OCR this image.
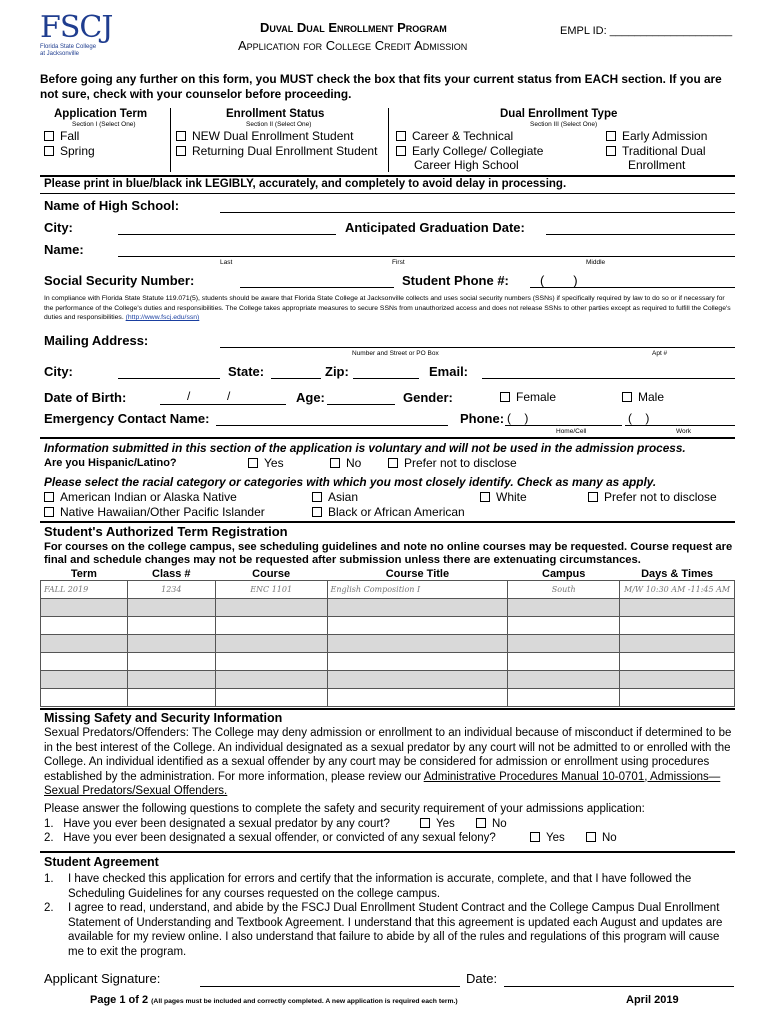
FSCJ
Florida State College
at Jacksonville
Duval Dual Enrollment Program
Application for College Credit Admission
EMPL ID: ____________________
Before going any further on this form, you MUST check the box that fits your current status from EACH section. If you are not sure, check with your counselor before proceeding.
Application Term
Section I (Select One)
Fall
Spring
Enrollment Status
Section II (Select One)
NEW Dual Enrollment Student
Returning Dual Enrollment Student
Dual Enrollment Type
Section III (Select One)
Career & Technical
Early College/ Collegiate
Career High School
Early Admission
Traditional Dual
Enrollment
Please print in blue/black ink LEGIBLY, accurately, and completely to avoid delay in processing.
Name of High School:
City:	Anticipated Graduation Date:
Name:
Last	First	Middle
Social Security Number:	Student Phone #: (        )
In compliance with Florida State Statute 119.071(5), students should be aware that Florida State College at Jacksonville collects and uses social security numbers (SSNs) if specifically required by law to do so or if necessary for the performance of the College's duties and responsibilities. The College takes appropriate measures to secure SSNs from unauthorized access and does not release SSNs to other parties except as required to fulfill the College's duties and responsibilities. (http://www.fscj.edu/ssn)
Mailing Address:
Number and Street or PO Box	Apt #
City:	State:	Zip:	Email:
Date of Birth:	/           /	Age:	Gender:	Female	Male
Emergency Contact Name:	Phone: (    )	(    )
Home/Cell	Work
Information submitted in this section of the application is voluntary and will not be used in the admission process.
Are you Hispanic/Latino?	Yes	No	Prefer not to disclose
Please select the racial category or categories with which you most closely identify. Check as many as apply.
American Indian or Alaska Native	Asian	White	Prefer not to disclose
Native Hawaiian/Other Pacific Islander	Black or African American
Student's Authorized Term Registration
For courses on the college campus, see scheduling guidelines and note no online courses may be requested. Course request are final and schedule changes may not be requested after submission unless there are extenuating circumstances.
Term	Class #	Course	Course Title	Campus	Days & Times
FALL 2019	1234	ENC 1101	English Composition I	South	M/W 10:30 AM -11:45 AM

Missing Safety and Security Information
Sexual Predators/Offenders: The College may deny admission or enrollment to an individual because of misconduct if determined to be in the best interest of the College. An individual designated as a sexual predator by any court will not be admitted to or enrolled with the College. An individual identified as a sexual offender by any court may be considered for admission or enrollment using procedures established by the administration. For more information, please review our Administrative Procedures Manual 10-0701, Admissions—Sexual Predators/Sexual Offenders.
Please answer the following questions to complete the safety and security requirement of your admissions application:
1.   Have you ever been designated a sexual predator by any court?	Yes	No
2.   Have you ever been designated a sexual offender, or convicted of any sexual felony?	Yes	No
Student Agreement
1. I have checked this application for errors and certify that the information is accurate, complete, and that I have followed the Scheduling Guidelines for any courses requested on the college campus.
2. I agree to read, understand, and abide by the FSCJ Dual Enrollment Student Contract and the College Campus Dual Enrollment Statement of Understanding and Textbook Agreement. I understand that this agreement is updated each August and updates are available for my review online. I also understand that failure to abide by all of the rules and regulations of this program will cause me to exit the program.
Applicant Signature:	Date:
Page 1 of 2 (All pages must be included and correctly completed. A new application is required each term.)	April 2019
